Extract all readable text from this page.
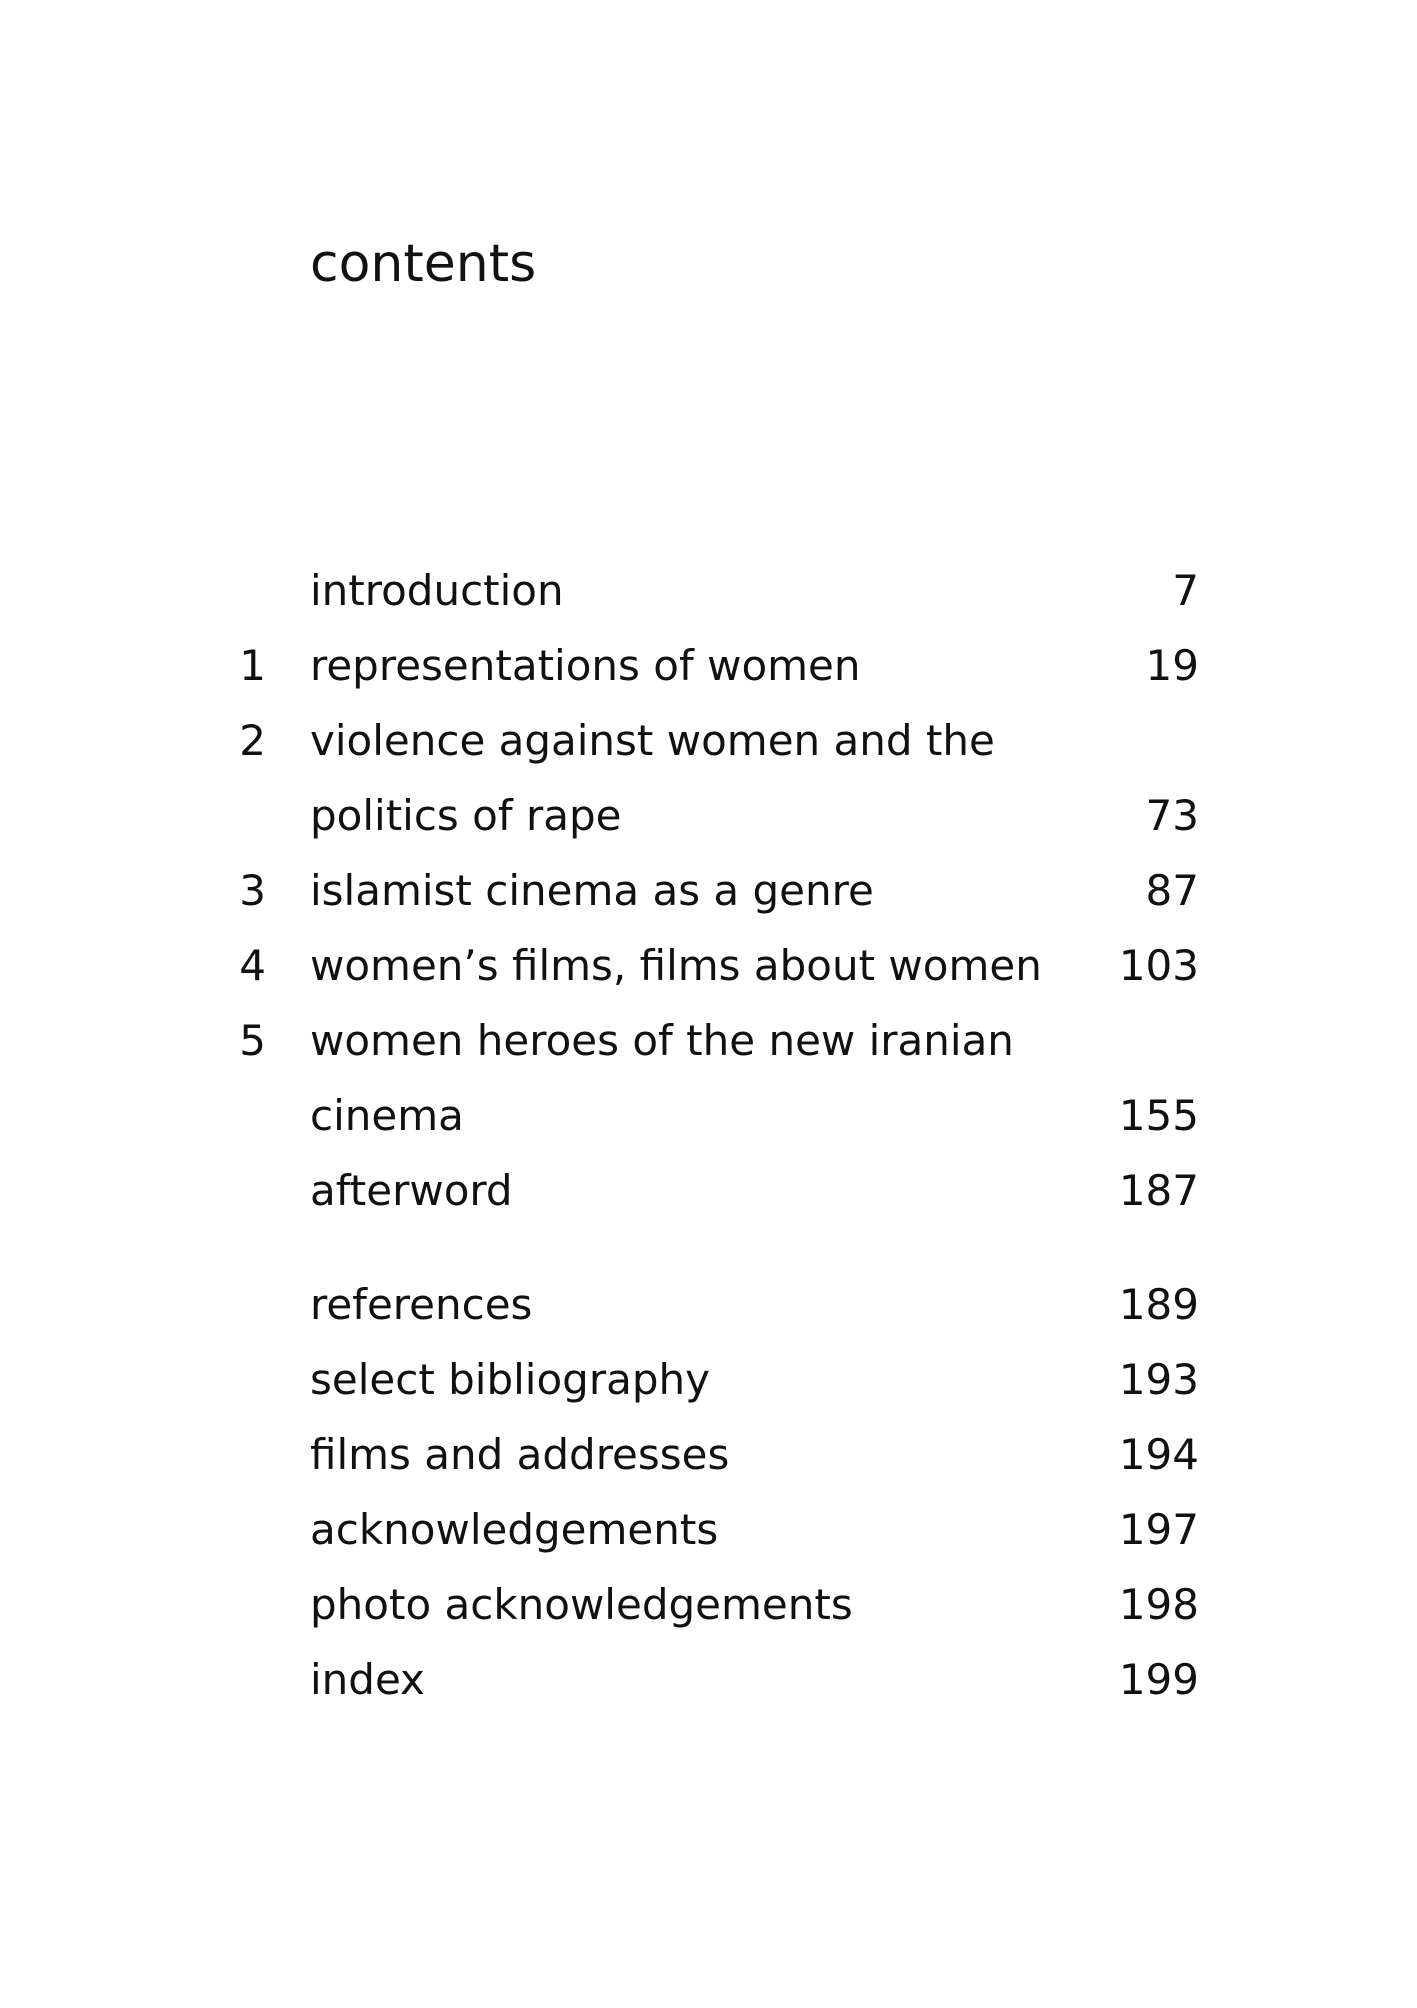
contents
introduction	7
1 representations of women	19
2 violence against women and the
politics of rape	73
3 islamist cinema as a genre	87
4 women’s films, films about women 103
5 women heroes of the new iranian
cinema	155
afterword	187
references	189
select bibliography	193
films and addresses	194
acknowledgements	197
photo acknowledgements	198
index	199
